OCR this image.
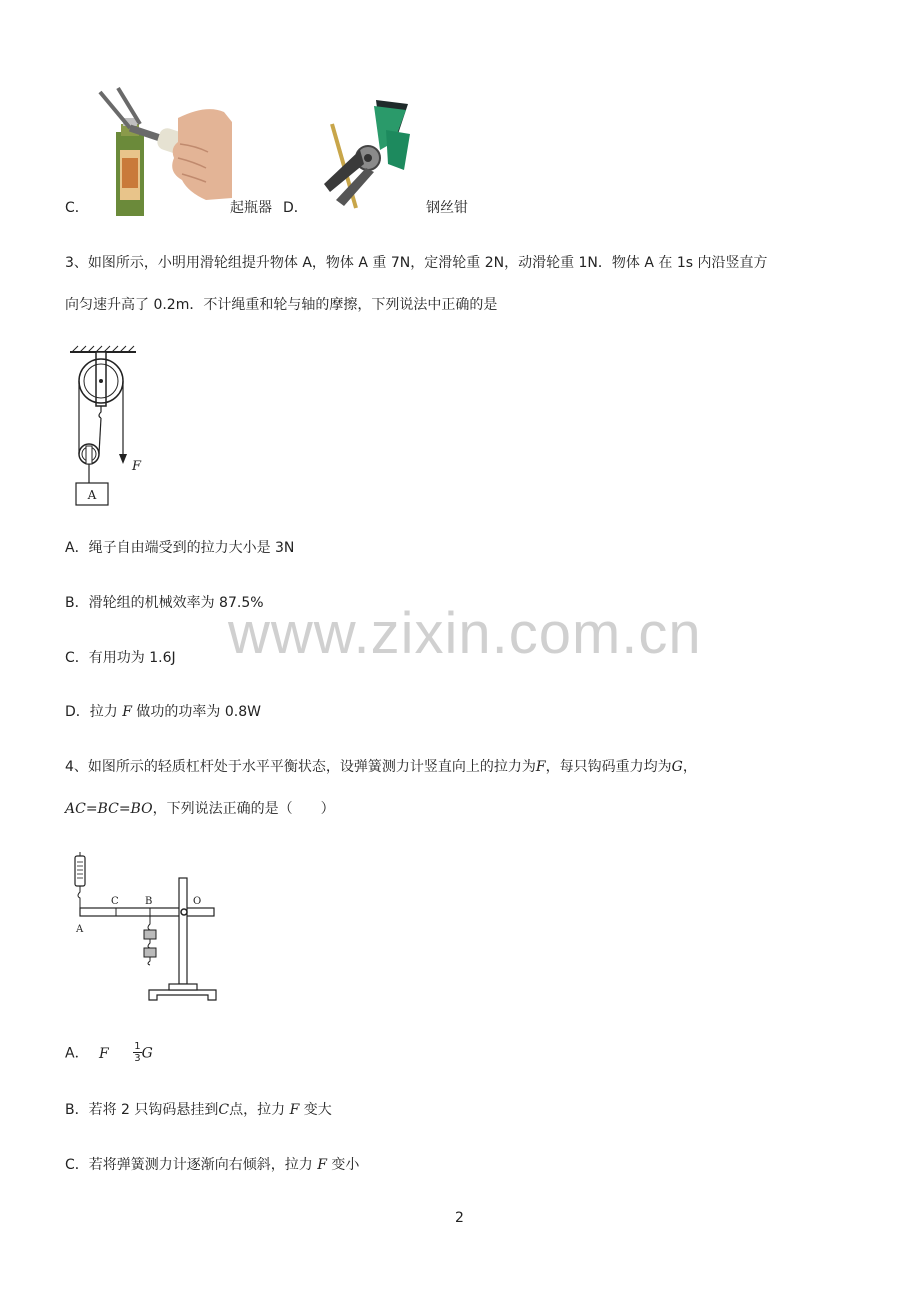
www.zixin.com.cn
C．	起瓶器 D．	钢丝钳
3、如图所示，小明用滑轮组提升物体 A，物体 A 重 7N，定滑轮重 2N，动滑轮重 1N．物体 A 在 1s 内沿竖直方
向匀速升高了 0.2m．不计绳重和轮与轴的摩擦，下列说法中正确的是
A
F
A．绳子自由端受到的拉力大小是 3N
B．滑轮组的机械效率为 87.5%
C．有用功为 1.6J
D．拉力 F 做功的功率为 0.8W
4、如图所示的轻质杠杆处于水平平衡状态，设弹簧测力计竖直向上的拉力为F，每只钩码重力均为G，
AC=BC=BO，下列说法正确的是（　　）
A
C	B	O
A． F $\frac{1}{3}$ G
B．若将 2 只钩码悬挂到C点，拉力 F 变大
C．若将弹簧测力计逐渐向右倾斜，拉力 F 变小
2
